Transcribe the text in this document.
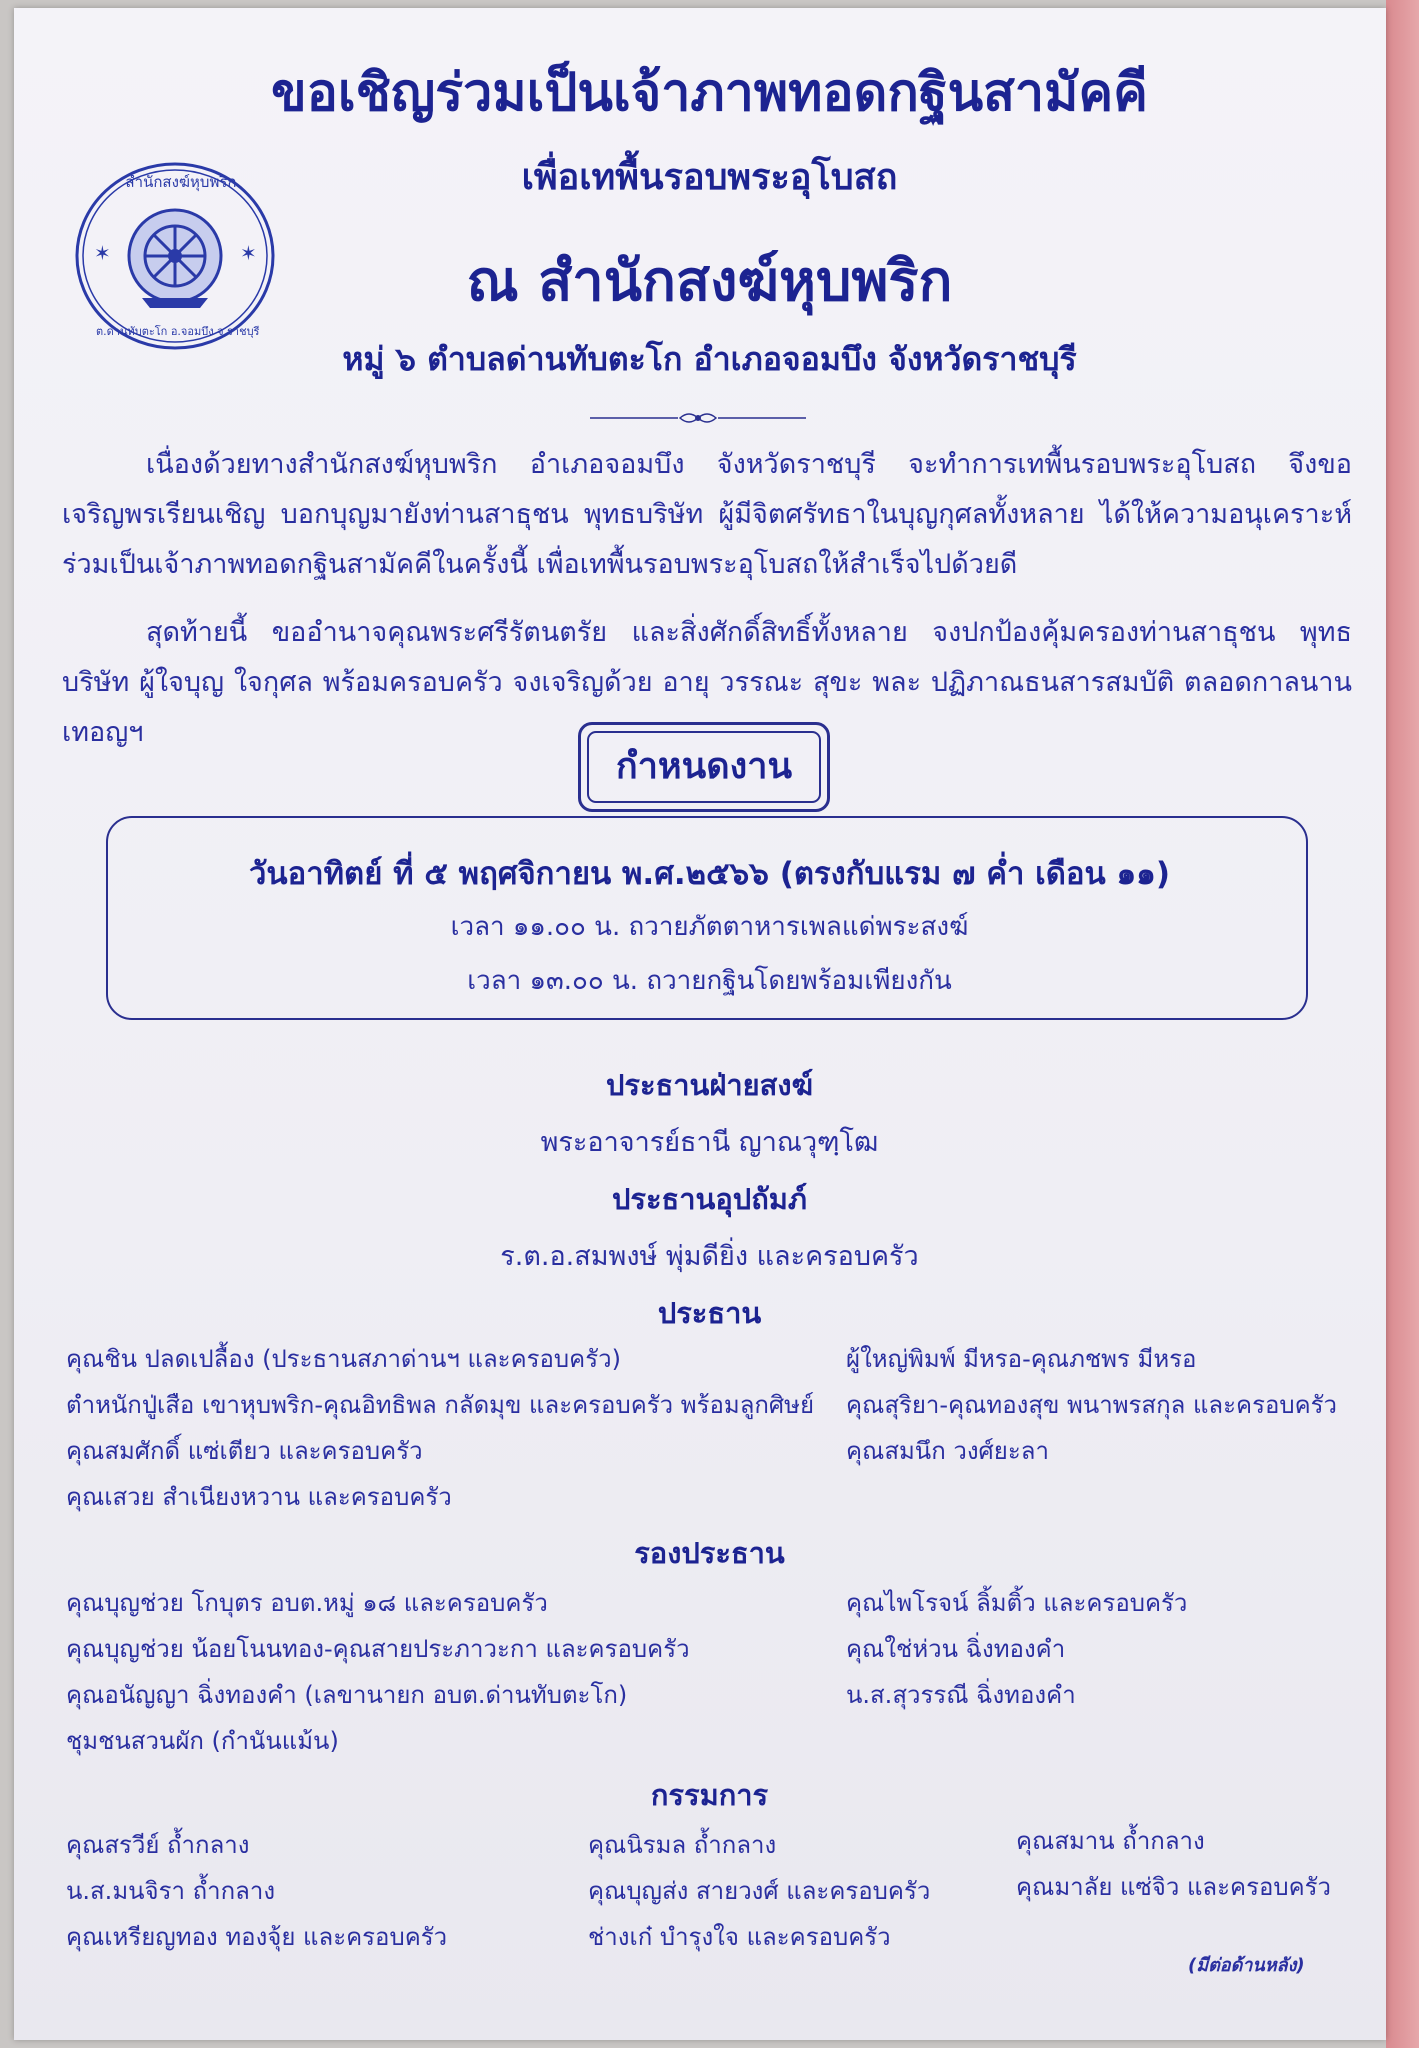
✶	✶
สำนักสงฆ์หุบพริก
ต.ด่านทับตะโก อ.จอมบึง จ.ราชบุรี
ขอเชิญร่วมเป็นเจ้าภาพทอดกฐินสามัคคี
เพื่อเทพื้นรอบพระอุโบสถ
ณ สำนักสงฆ์หุบพริก
หมู่ ๖ ตำบลด่านทับตะโก อำเภอจอมบึง จังหวัดราชบุรี
เนื่องด้วยทางสำนักสงฆ์หุบพริก อำเภอจอมบึง จังหวัดราชบุรี จะทำการเทพื้นรอบพระอุโบสถ จึงขอเจริญพรเรียนเชิญ บอกบุญมายังท่านสาธุชน พุทธบริษัท ผู้มีจิตศรัทธาในบุญกุศลทั้งหลาย ได้ให้ความอนุเคราะห์ร่วมเป็นเจ้าภาพทอดกฐินสามัคคีในครั้งนี้ เพื่อเทพื้นรอบพระอุโบสถให้สำเร็จไปด้วยดี
สุดท้ายนี้ ขออำนาจคุณพระศรีรัตนตรัย และสิ่งศักดิ์สิทธิ์ทั้งหลาย จงปกป้องคุ้มครองท่านสาธุชน พุทธบริษัท ผู้ใจบุญ ใจกุศล พร้อมครอบครัว จงเจริญด้วย อายุ วรรณะ สุขะ พละ ปฏิภาณธนสารสมบัติ ตลอดกาลนานเทอญฯ
กำหนดงาน
วันอาทิตย์ ที่ ๕ พฤศจิกายน พ.ศ.๒๕๖๖ (ตรงกับแรม ๗ ค่ำ เดือน ๑๑)
เวลา ๑๑.๐๐ น. ถวายภัตตาหารเพลแด่พระสงฆ์
เวลา ๑๓.๐๐ น. ถวายกฐินโดยพร้อมเพียงกัน
ประธานฝ่ายสงฆ์
พระอาจารย์ธานี ญาณวุฑฺโฒ
ประธานอุปถัมภ์
ร.ต.อ.สมพงษ์ พุ่มดียิ่ง และครอบครัว
ประธาน
คุณชิน ปลดเปลื้อง (ประธานสภาด่านฯ และครอบครัว)
ตำหนักปู่เสือ เขาหุบพริก-คุณอิทธิพล กลัดมุข และครอบครัว พร้อมลูกศิษย์
คุณสมศักดิ์ แซ่เตียว และครอบครัว
คุณเสวย สำเนียงหวาน และครอบครัว
ผู้ใหญ่พิมพ์ มีหรอ-คุณภชพร มีหรอ
คุณสุริยา-คุณทองสุข พนาพรสกุล และครอบครัว
คุณสมนึก วงศ์ยะลา
รองประธาน
คุณบุญช่วย โกบุตร อบต.หมู่ ๑๘ และครอบครัว
คุณบุญช่วย น้อยโนนทอง-คุณสายประภาวะกา และครอบครัว
คุณอนัญญา ฉิ่งทองคำ (เลขานายก อบต.ด่านทับตะโก)
ชุมชนสวนผัก (กำนันแม้น)
คุณไพโรจน์ ลิ้มติ้ว และครอบครัว
คุณใช่ห่วน ฉิ่งทองคำ
น.ส.สุวรรณี ฉิ่งทองคำ
กรรมการ
คุณสรวีย์ ถ้ำกลาง
น.ส.มนจิรา ถ้ำกลาง
คุณเหรียญทอง ทองจุ้ย และครอบครัว
คุณนิรมล ถ้ำกลาง
คุณบุญส่ง สายวงศ์ และครอบครัว
ช่างเก๋ บำรุงใจ และครอบครัว
คุณสมาน ถ้ำกลาง
คุณมาลัย แซ่จิว และครอบครัว
(มีต่อด้านหลัง)
